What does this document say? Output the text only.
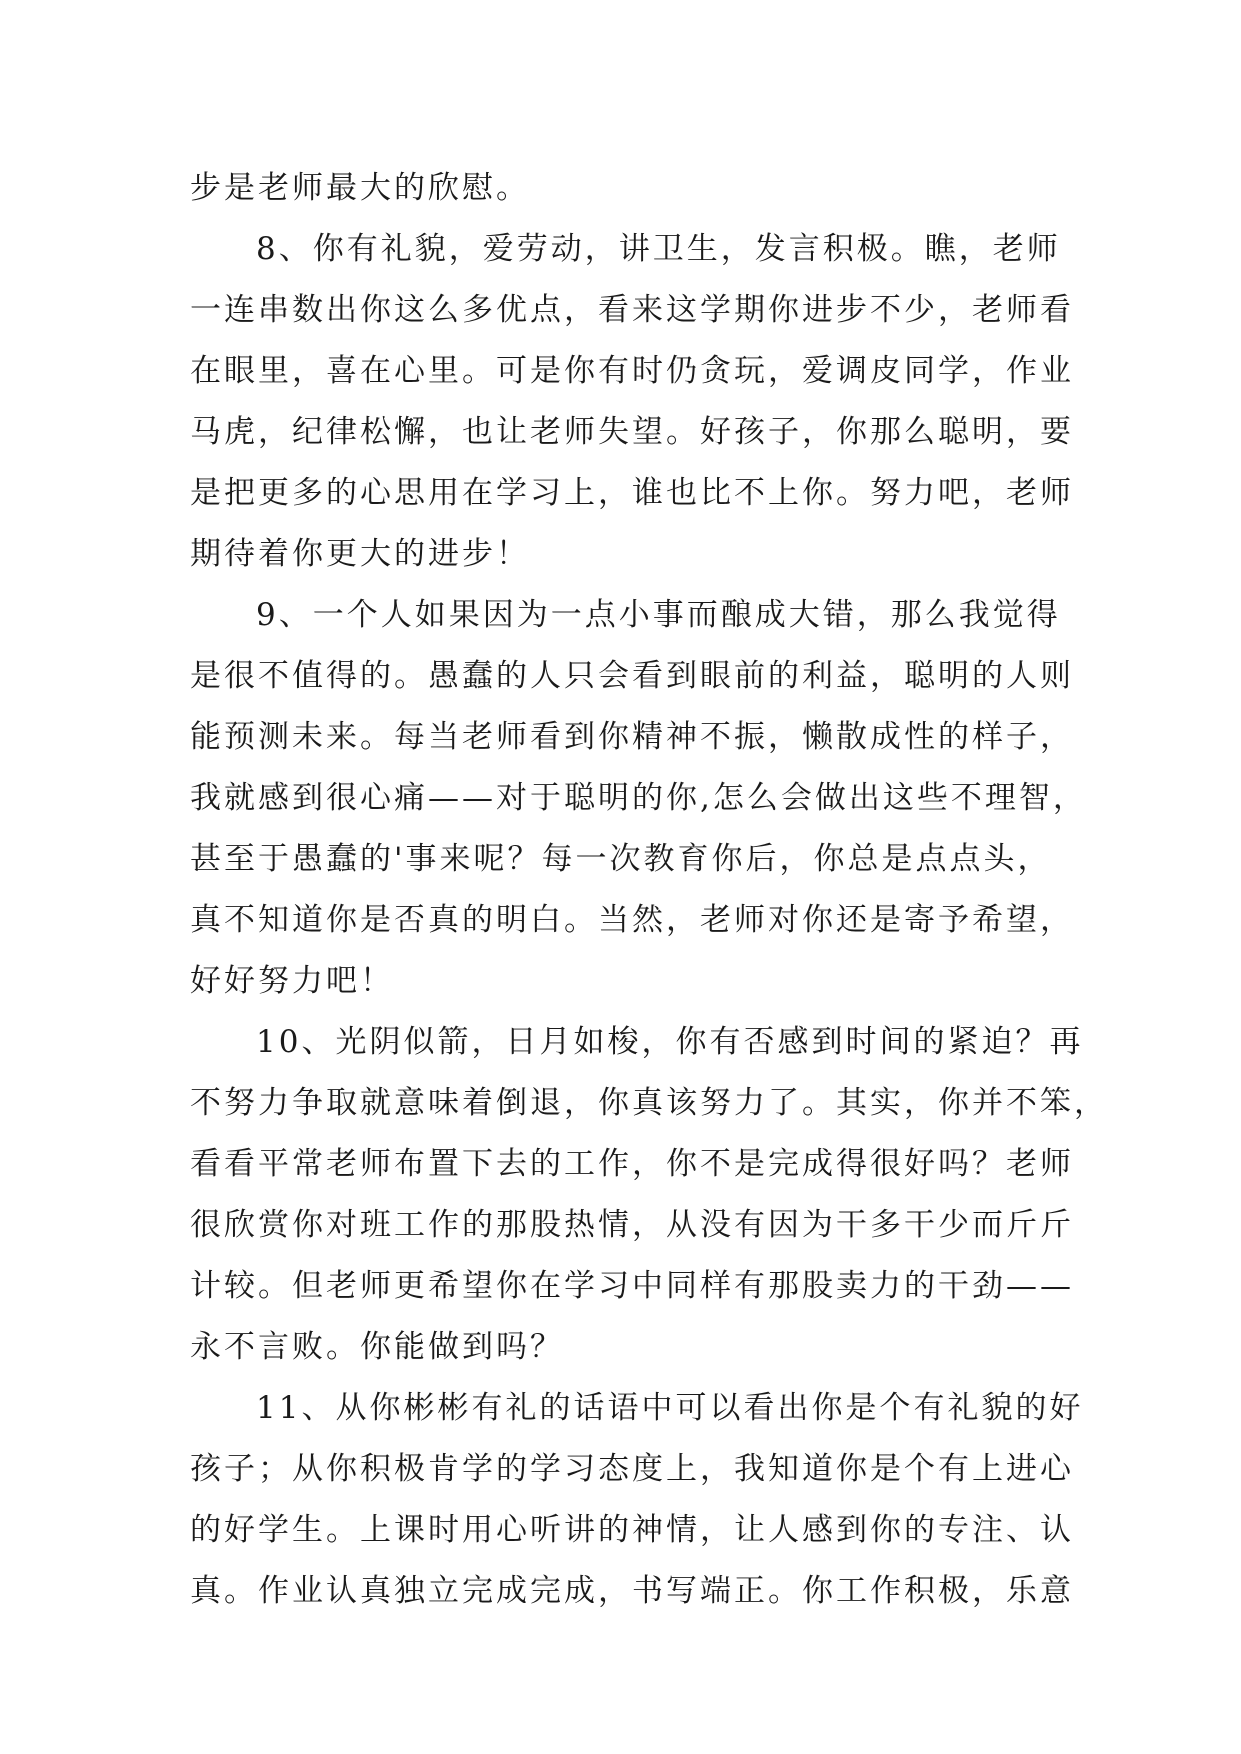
步是老师最大的欣慰。
8、你有礼貌，爱劳动，讲卫生，发言积极。瞧，老师
一连串数出你这么多优点，看来这学期你进步不少，老师看
在眼里，喜在心里。可是你有时仍贪玩，爱调皮同学，作业
马虎，纪律松懈，也让老师失望。好孩子，你那么聪明，要
是把更多的心思用在学习上，谁也比不上你。努力吧，老师
期待着你更大的进步！
9、一个人如果因为一点小事而酿成大错，那么我觉得
是很不值得的。愚蠢的人只会看到眼前的利益，聪明的人则
能预测未来。每当老师看到你精神不振，懒散成性的样子，
我就感到很心痛——对于聪明的你,怎么会做出这些不理智，
甚至于愚蠢的'事来呢？每一次教育你后，你总是点点头，
真不知道你是否真的明白。当然，老师对你还是寄予希望，
好好努力吧！
10、光阴似箭，日月如梭，你有否感到时间的紧迫？再
不努力争取就意味着倒退，你真该努力了。其实，你并不笨，
看看平常老师布置下去的工作，你不是完成得很好吗？老师
很欣赏你对班工作的那股热情，从没有因为干多干少而斤斤
计较。但老师更希望你在学习中同样有那股卖力的干劲——
永不言败。你能做到吗？
11、从你彬彬有礼的话语中可以看出你是个有礼貌的好
孩子；从你积极肯学的学习态度上，我知道你是个有上进心
的好学生。上课时用心听讲的神情，让人感到你的专注、认
真。作业认真独立完成完成，书写端正。你工作积极，乐意
